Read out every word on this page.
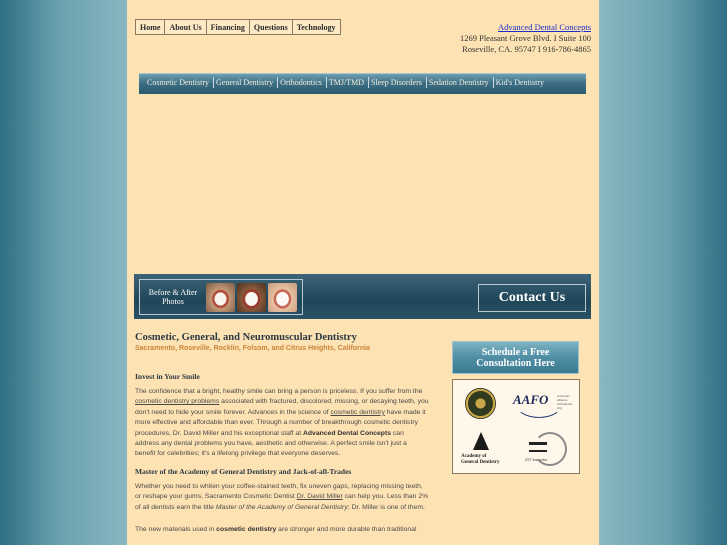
Home	About Us	Financing	Questions	Technology	Advanced Dental Concepts
1269 Pleasant Grove Blvd. I Suite 100
Roseville, CA. 95747 I 916-786-4865
Cosmetic Dentistry General Dentistry Orthodontics TMJ/TMD Sleep Disorders Sedation Dentistry Kid's Dentistry
Before & After Photos	Contact Us
Cosmetic, General, and Neuromuscular Dentistry
Sacramento, Roseville, Rocklin, Folsom, and Citrus Heights, California
Invest in Your Smile

The confidence that a bright, healthy smile can bring a person is priceless. If you suffer from the cosmetic dentistry problems associated with fractured, discolored, missing, or decaying teeth, you don't need to hide your smile forever. Advances in the science of cosmetic dentistry have made it more effective and affordable than ever. Through a number of breakthrough cosmetic dentistry procedures, Dr. David Miller and his exceptional staff at Advanced Dental Concepts can address any dental problems you have, aesthetic and otherwise. A perfect smile isn't just a benefit for celebrities; it's a lifelong privilege that everyone deserves.

Master of the Academy of General Dentistry and Jack-of-all-Trades

Whether you need to whiten your coffee-stained teeth, fix uneven gaps, replacing missing teeth, or reshape your gums, Sacramento Cosmetic Dentist Dr. David Miller can help you. Less than 2% of all dentists earn the title Master of the Academy of General Dentistry; Dr. Miller is one of them.

The new materials used in cosmetic dentistry are stronger and more durable than traditional

Schedule a Free Consultation Here
AAFO	American Alliance Orthodontic Org
Academy of General Dentistry	ZST Instructor
